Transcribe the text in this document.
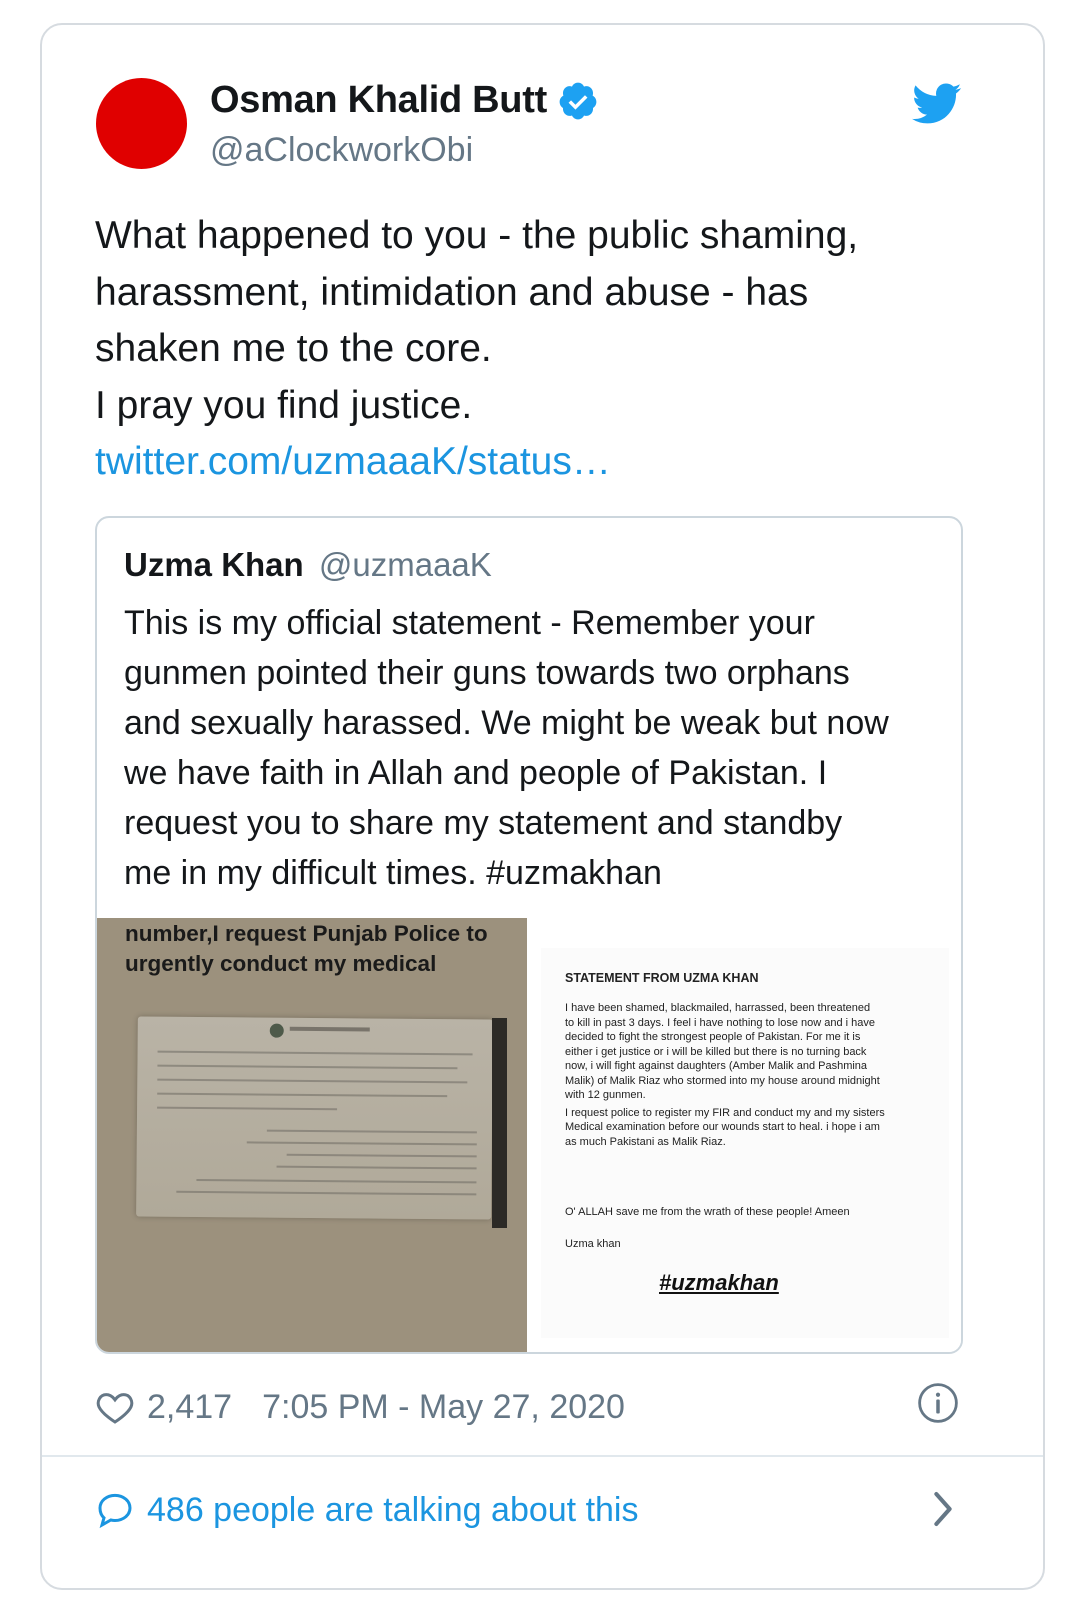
Osman Khalid Butt
@aClockworkObi
What happened to you - the public shaming,
harassment, intimidation and abuse - has
shaken me to the core.
I pray you find justice.
twitter.com/uzmaaaK/status…
Uzma Khan @uzmaaaK
This is my official statement - Remember your
gunmen pointed their guns towards two orphans
and sexually harassed. We might be weak but now
we have faith in Allah and people of Pakistan. I
request you to share my statement and standby
me in my difficult times. #uzmakhan
number,I request Punjab Police to
urgently conduct my medical
STATEMENT FROM UZMA KHAN
I have been shamed, blackmailed, harrassed, been threatened
to kill in past 3 days. I feel i have nothing to lose now and i have
decided to fight the strongest people of Pakistan. For me it is
either i get justice or i will be killed but there is no turning back
now, i will fight against daughters (Amber Malik and Pashmina
Malik) of Malik Riaz who stormed into my house around midnight
with 12 gunmen.
I request police to register my FIR and conduct my and my sisters
Medical examination before our wounds start to heal. i hope i am
as much Pakistani as Malik Riaz.
O' ALLAH save me from the wrath of these people! Ameen
Uzma khan
#uzmakhan
2,417 7:05 PM - May 27, 2020
486 people are talking about this
